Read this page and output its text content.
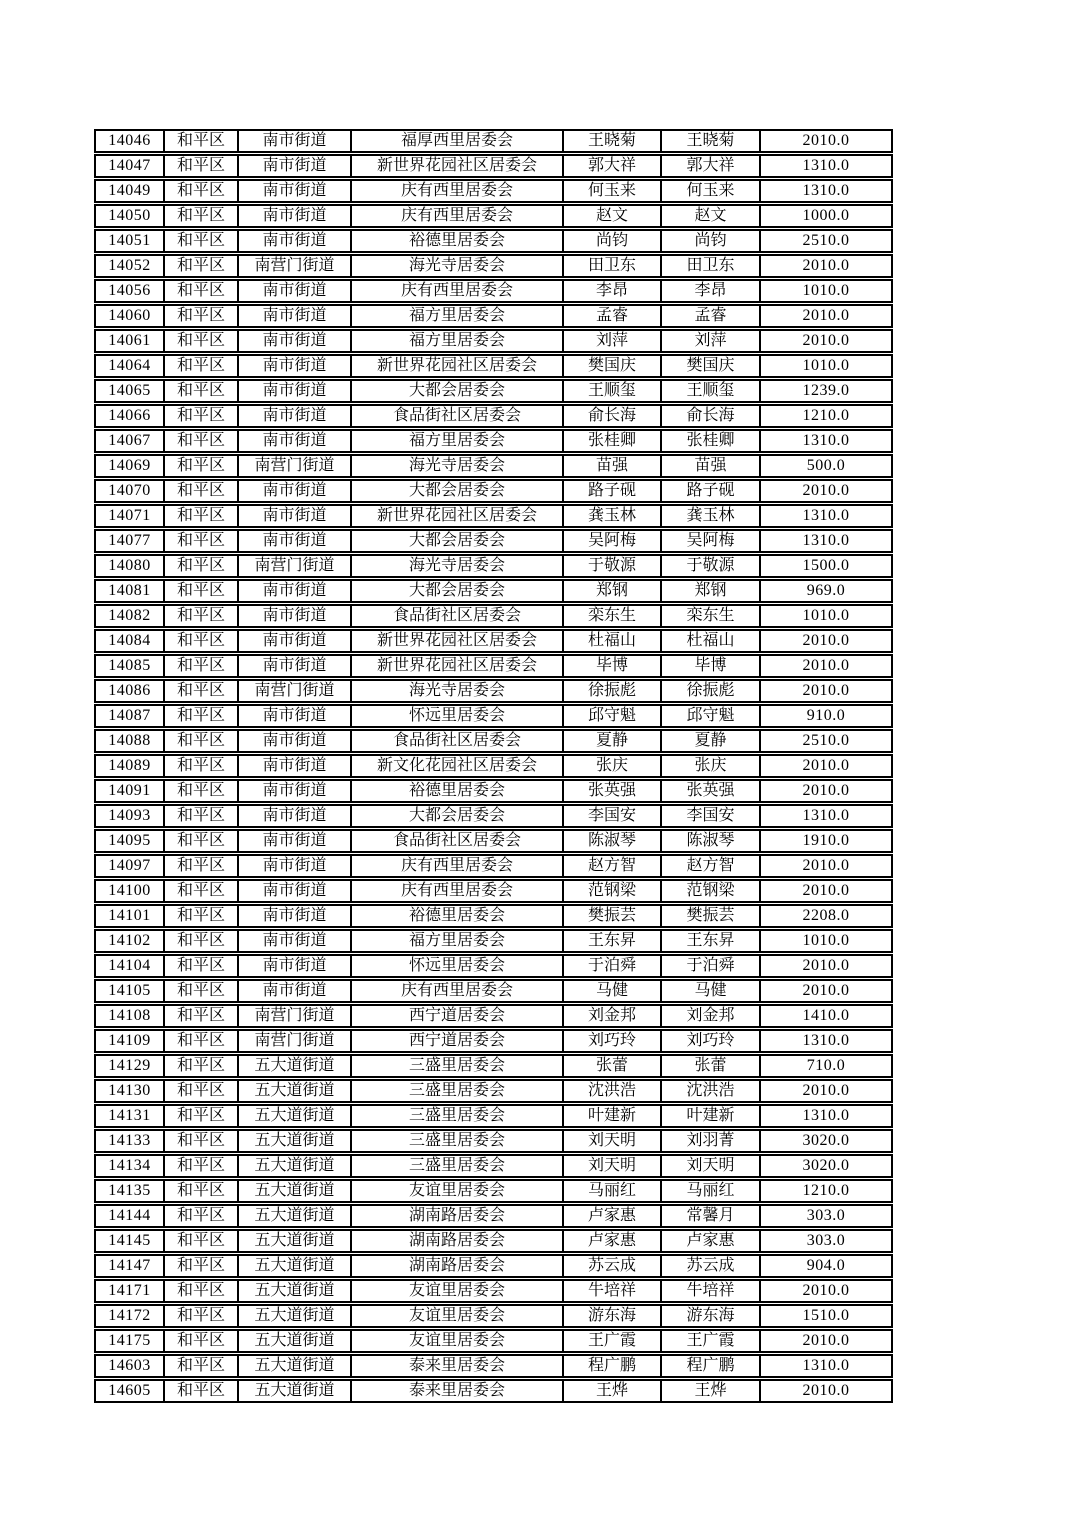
14046	和平区	南市街道	福厚西里居委会	王晓菊	王晓菊	2010.0
14047	和平区	南市街道	新世界花园社区居委会	郭大祥	郭大祥	1310.0
14049	和平区	南市街道	庆有西里居委会	何玉来	何玉来	1310.0
14050	和平区	南市街道	庆有西里居委会	赵文	赵文	1000.0
14051	和平区	南市街道	裕德里居委会	尚钧	尚钧	2510.0
14052	和平区	南营门街道	海光寺居委会	田卫东	田卫东	2010.0
14056	和平区	南市街道	庆有西里居委会	李昂	李昂	1010.0
14060	和平区	南市街道	福方里居委会	孟睿	孟睿	2010.0
14061	和平区	南市街道	福方里居委会	刘萍	刘萍	2010.0
14064	和平区	南市街道	新世界花园社区居委会	樊国庆	樊国庆	1010.0
14065	和平区	南市街道	大都会居委会	王顺玺	王顺玺	1239.0
14066	和平区	南市街道	食品街社区居委会	俞长海	俞长海	1210.0
14067	和平区	南市街道	福方里居委会	张桂卿	张桂卿	1310.0
14069	和平区	南营门街道	海光寺居委会	苗强	苗强	500.0
14070	和平区	南市街道	大都会居委会	路子砚	路子砚	2010.0
14071	和平区	南市街道	新世界花园社区居委会	龚玉林	龚玉林	1310.0
14077	和平区	南市街道	大都会居委会	吴阿梅	吴阿梅	1310.0
14080	和平区	南营门街道	海光寺居委会	于敬源	于敬源	1500.0
14081	和平区	南市街道	大都会居委会	郑钢	郑钢	969.0
14082	和平区	南市街道	食品街社区居委会	栾东生	栾东生	1010.0
14084	和平区	南市街道	新世界花园社区居委会	杜福山	杜福山	2010.0
14085	和平区	南市街道	新世界花园社区居委会	毕博	毕博	2010.0
14086	和平区	南营门街道	海光寺居委会	徐振彪	徐振彪	2010.0
14087	和平区	南市街道	怀远里居委会	邱守魁	邱守魁	910.0
14088	和平区	南市街道	食品街社区居委会	夏静	夏静	2510.0
14089	和平区	南市街道	新文化花园社区居委会	张庆	张庆	2010.0
14091	和平区	南市街道	裕德里居委会	张英强	张英强	2010.0
14093	和平区	南市街道	大都会居委会	李国安	李国安	1310.0
14095	和平区	南市街道	食品街社区居委会	陈淑琴	陈淑琴	1910.0
14097	和平区	南市街道	庆有西里居委会	赵方智	赵方智	2010.0
14100	和平区	南市街道	庆有西里居委会	范钢梁	范钢梁	2010.0
14101	和平区	南市街道	裕德里居委会	樊振芸	樊振芸	2208.0
14102	和平区	南市街道	福方里居委会	王东昇	王东昇	1010.0
14104	和平区	南市街道	怀远里居委会	于泊舜	于泊舜	2010.0
14105	和平区	南市街道	庆有西里居委会	马健	马健	2010.0
14108	和平区	南营门街道	西宁道居委会	刘金邦	刘金邦	1410.0
14109	和平区	南营门街道	西宁道居委会	刘巧玲	刘巧玲	1310.0
14129	和平区	五大道街道	三盛里居委会	张蕾	张蕾	710.0
14130	和平区	五大道街道	三盛里居委会	沈洪浩	沈洪浩	2010.0
14131	和平区	五大道街道	三盛里居委会	叶建新	叶建新	1310.0
14133	和平区	五大道街道	三盛里居委会	刘天明	刘羽菁	3020.0
14134	和平区	五大道街道	三盛里居委会	刘天明	刘天明	3020.0
14135	和平区	五大道街道	友谊里居委会	马丽红	马丽红	1210.0
14144	和平区	五大道街道	湖南路居委会	卢家惠	常馨月	303.0
14145	和平区	五大道街道	湖南路居委会	卢家惠	卢家惠	303.0
14147	和平区	五大道街道	湖南路居委会	苏云成	苏云成	904.0
14171	和平区	五大道街道	友谊里居委会	牛培祥	牛培祥	2010.0
14172	和平区	五大道街道	友谊里居委会	游东海	游东海	1510.0
14175	和平区	五大道街道	友谊里居委会	王广霞	王广霞	2010.0
14603	和平区	五大道街道	泰来里居委会	程广鹏	程广鹏	1310.0
14605	和平区	五大道街道	泰来里居委会	王烨	王烨	2010.0
